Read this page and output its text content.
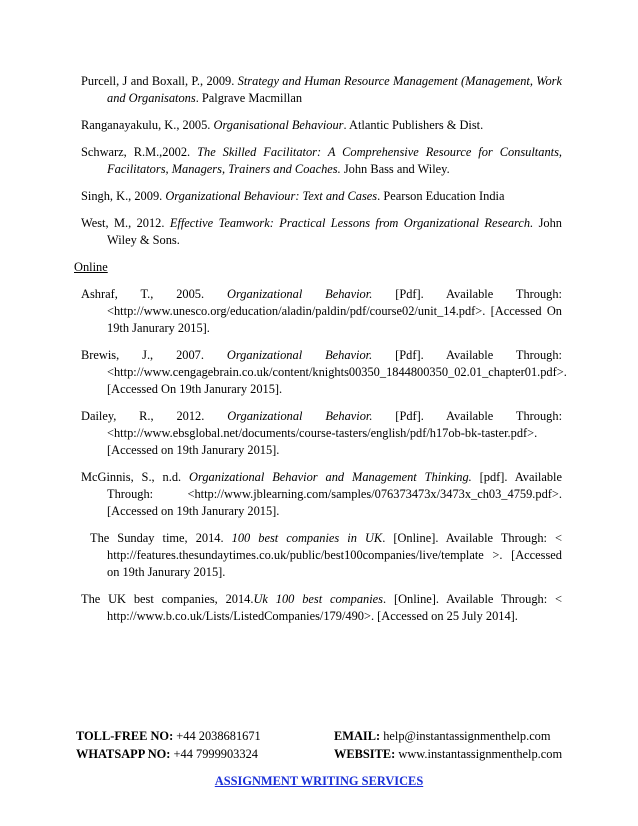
Purcell, J and Boxall, P., 2009. Strategy and Human Resource Management (Management, Work and Organisatons. Palgrave Macmillan

Ranganayakulu, K., 2005. Organisational Behaviour. Atlantic Publishers & Dist.

Schwarz, R.M.,2002. The Skilled Facilitator: A Comprehensive Resource for Consultants, Facilitators, Managers, Trainers and Coaches. John Bass and Wiley.

Singh, K., 2009. Organizational Behaviour: Text and Cases. Pearson Education India

West, M., 2012. Effective Teamwork: Practical Lessons from Organizational Research. John Wiley & Sons.

Online

Ashraf, T., 2005. Organizational Behavior. [Pdf]. Available Through: <http://www.unesco.org/education/aladin/paldin/pdf/course02/unit_14.pdf>. [Accessed On 19th Janurary 2015].

Brewis, J., 2007. Organizational Behavior. [Pdf]. Available Through: <http://www.cengagebrain.co.uk/content/knights00350_1844800350_02.01_chapter01.pdf>. [Accessed On 19th Janurary 2015].

Dailey, R., 2012. Organizational Behavior. [Pdf]. Available Through: <http://www.ebsglobal.net/documents/course-tasters/english/pdf/h17ob-bk-taster.pdf>. [Accessed on 19th Janurary 2015].

McGinnis, S., n.d. Organizational Behavior and Management Thinking. [pdf]. Available Through: <http://www.jblearning.com/samples/076373473x/3473x_ch03_4759.pdf>. [Accessed on 19th Janurary 2015].

The Sunday time, 2014. 100 best companies in UK. [Online]. Available Through: < http://features.thesundaytimes.co.uk/public/best100companies/live/template >. [Accessed on 19th Janurary 2015].

The UK best companies, 2014.Uk 100 best companies. [Online]. Available Through: < http://www.b.co.uk/Lists/ListedCompanies/179/490>. [Accessed on 25 July 2014].

TOLL-FREE NO: +44 2038681671	EMAIL: help@instantassignmenthelp.com
WHATSAPP NO: +44 7999903324	WEBSITE: www.instantassignmenthelp.com
ASSIGNMENT WRITING SERVICES
